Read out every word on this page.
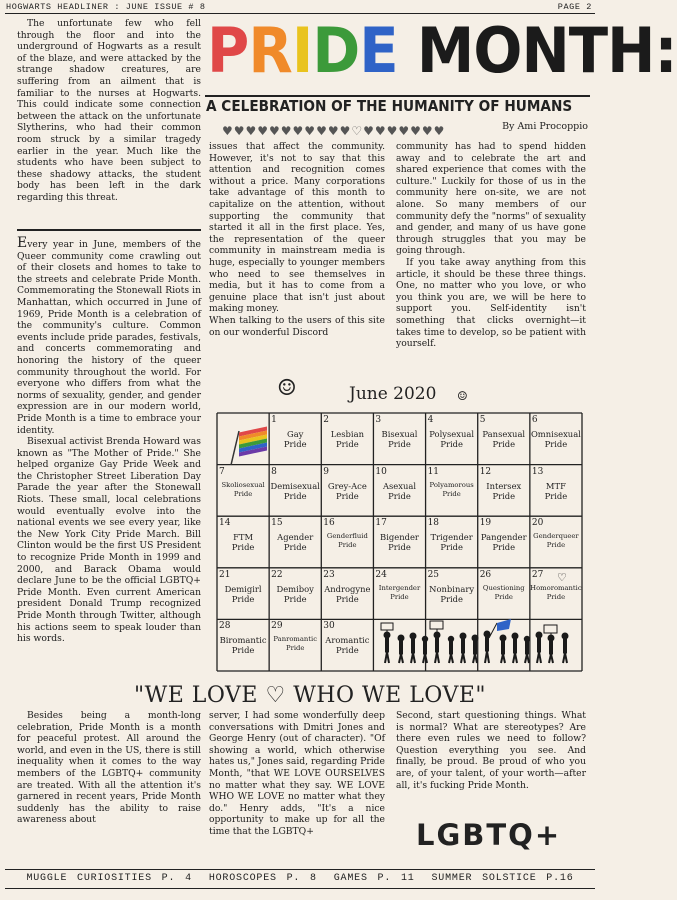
HOGWARTS HEADLINER : JUNE ISSUE # 8	PAGE 2

The unfortunate few who fell through the floor and into the underground of Hogwarts as a result of the blaze, and were attacked by the strange shadow creatures, are suffering from an ailment that is familiar to the nurses at Hogwarts. This could indicate some connection between the attack on the unfortunate Slytherins, who had their common room struck by a similar tragedy earlier in the year. Much like the students who have been subject to these shadowy attacks, the student body has been left in the dark regarding this threat.

PRIDE MONTH:
A CELEBRATION OF THE HUMANITY OF HUMANS
By Ami Procoppio
♥♥♥♥♥♥♥♥♥♥♥♡♥♥♥♥♥♥♥

Every year in June, members of the Queer community come crawling out of their closets and homes to take to the streets and celebrate Pride Month. Commemorating the Stonewall Riots in Manhattan, which occurred in June of 1969, Pride Month is a celebration of the community's culture. Common events include pride parades, festivals, and concerts commemorating and honoring the history of the queer community throughout the world. For everyone who differs from what the norms of sexuality, gender, and gender expression are in our modern world, Pride Month is a time to embrace your identity.

Bisexual activist Brenda Howard was known as "The Mother of Pride." She helped organize Gay Pride Week and the Christopher Street Liberation Day Parade the year after the Stonewall Riots. These small, local celebrations would eventually evolve into the national events we see every year, like the New York City Pride March. Bill Clinton would be the first US President to recognize Pride Month in 1999 and 2000, and Barack Obama would declare June to be the official LGBTQ+ Pride Month. Even current American president Donald Trump recognized Pride Month through Twitter, although his actions seem to speak louder than his words.

Besides being a month-long celebration, Pride Month is a month for peaceful protest. All around the world, and even in the US, there is still inequality when it comes to the way members of the LGBTQ+ community are treated. With all the attention it's garnered in recent years, Pride Month suddenly has the ability to raise awareness about

issues that affect the community. However, it's not to say that this attention and recognition comes without a price. Many corporations take advantage of this month to capitalize on the attention, without supporting the community that started it all in the first place. Yes, the representation of the queer community in mainstream media is huge, especially to younger members who need to see themselves in media, but it has to come from a genuine place that isn't just about making money.

When talking to the users of this site on our wonderful Discord

community has had to spend hidden away and to celebrate the art and shared experience that comes with the culture." Luckily for those of us in the community here on-site, we are not alone. So many members of our community defy the "norms" of sexuality and gender, and many of us have gone through struggles that you may be going through.

If you take away anything from this article, it should be these three things. One, no matter who you love, or who you think you are, we will be here to support you. Self-identity isn't something that clicks overnight—it takes time to develop, so be patient with yourself.

☺	June 2020 ☺
1
Gay
Pride
2
Lesbian
Pride
3
Bisexual
Pride
4
Polysexual
Pride
5
Pansexual
Pride
6
Omnisexual
Pride
7
Skoliosexual
Pride
8
Demisexual
Pride
9
Grey-Ace
Pride
10
Asexual
Pride
11
Polyamorous
Pride
12
Intersex
Pride
13
MTF
Pride
14
FTM
Pride
15
Agender
Pride
16
Genderfluid
Pride
17
Bigender
Pride
18
Trigender
Pride
19
Pangender
Pride
20
Genderqueer
Pride
21
Demigirl
Pride
22
Demiboy
Pride
23
Androgyne
Pride
24
Intergender
Pride
25
Nonbinary
Pride
26
Questioning
Pride
27
Homoromantic
Pride
28
Biromantic
Pride
29
Panromantic
Pride
30
Aromantic
Pride
♡
"WE LOVE ♡ WHO WE LOVE"

server, I had some wonderfully deep conversations with Dmitri Jones and George Henry (out of character). "Of showing a world, which otherwise hates us," Jones said, regarding Pride Month, "that WE LOVE OURSELVES no matter what they say. WE LOVE WHO WE LOVE no matter what they do." Henry adds, "It's a nice opportunity to make up for all the time that the LGBTQ+

Second, start questioning things. What is normal? What are stereotypes? Are there even rules we need to follow? Question everything you see. And finally, be proud. Be proud of who you are, of your talent, of your worth—after all, it's fucking Pride Month.

LGBTQ+
MUGGLE CURIOSITIES P. 4 HOROSCOPES P. 8 GAMES P. 11 SUMMER SOLSTICE P.16
